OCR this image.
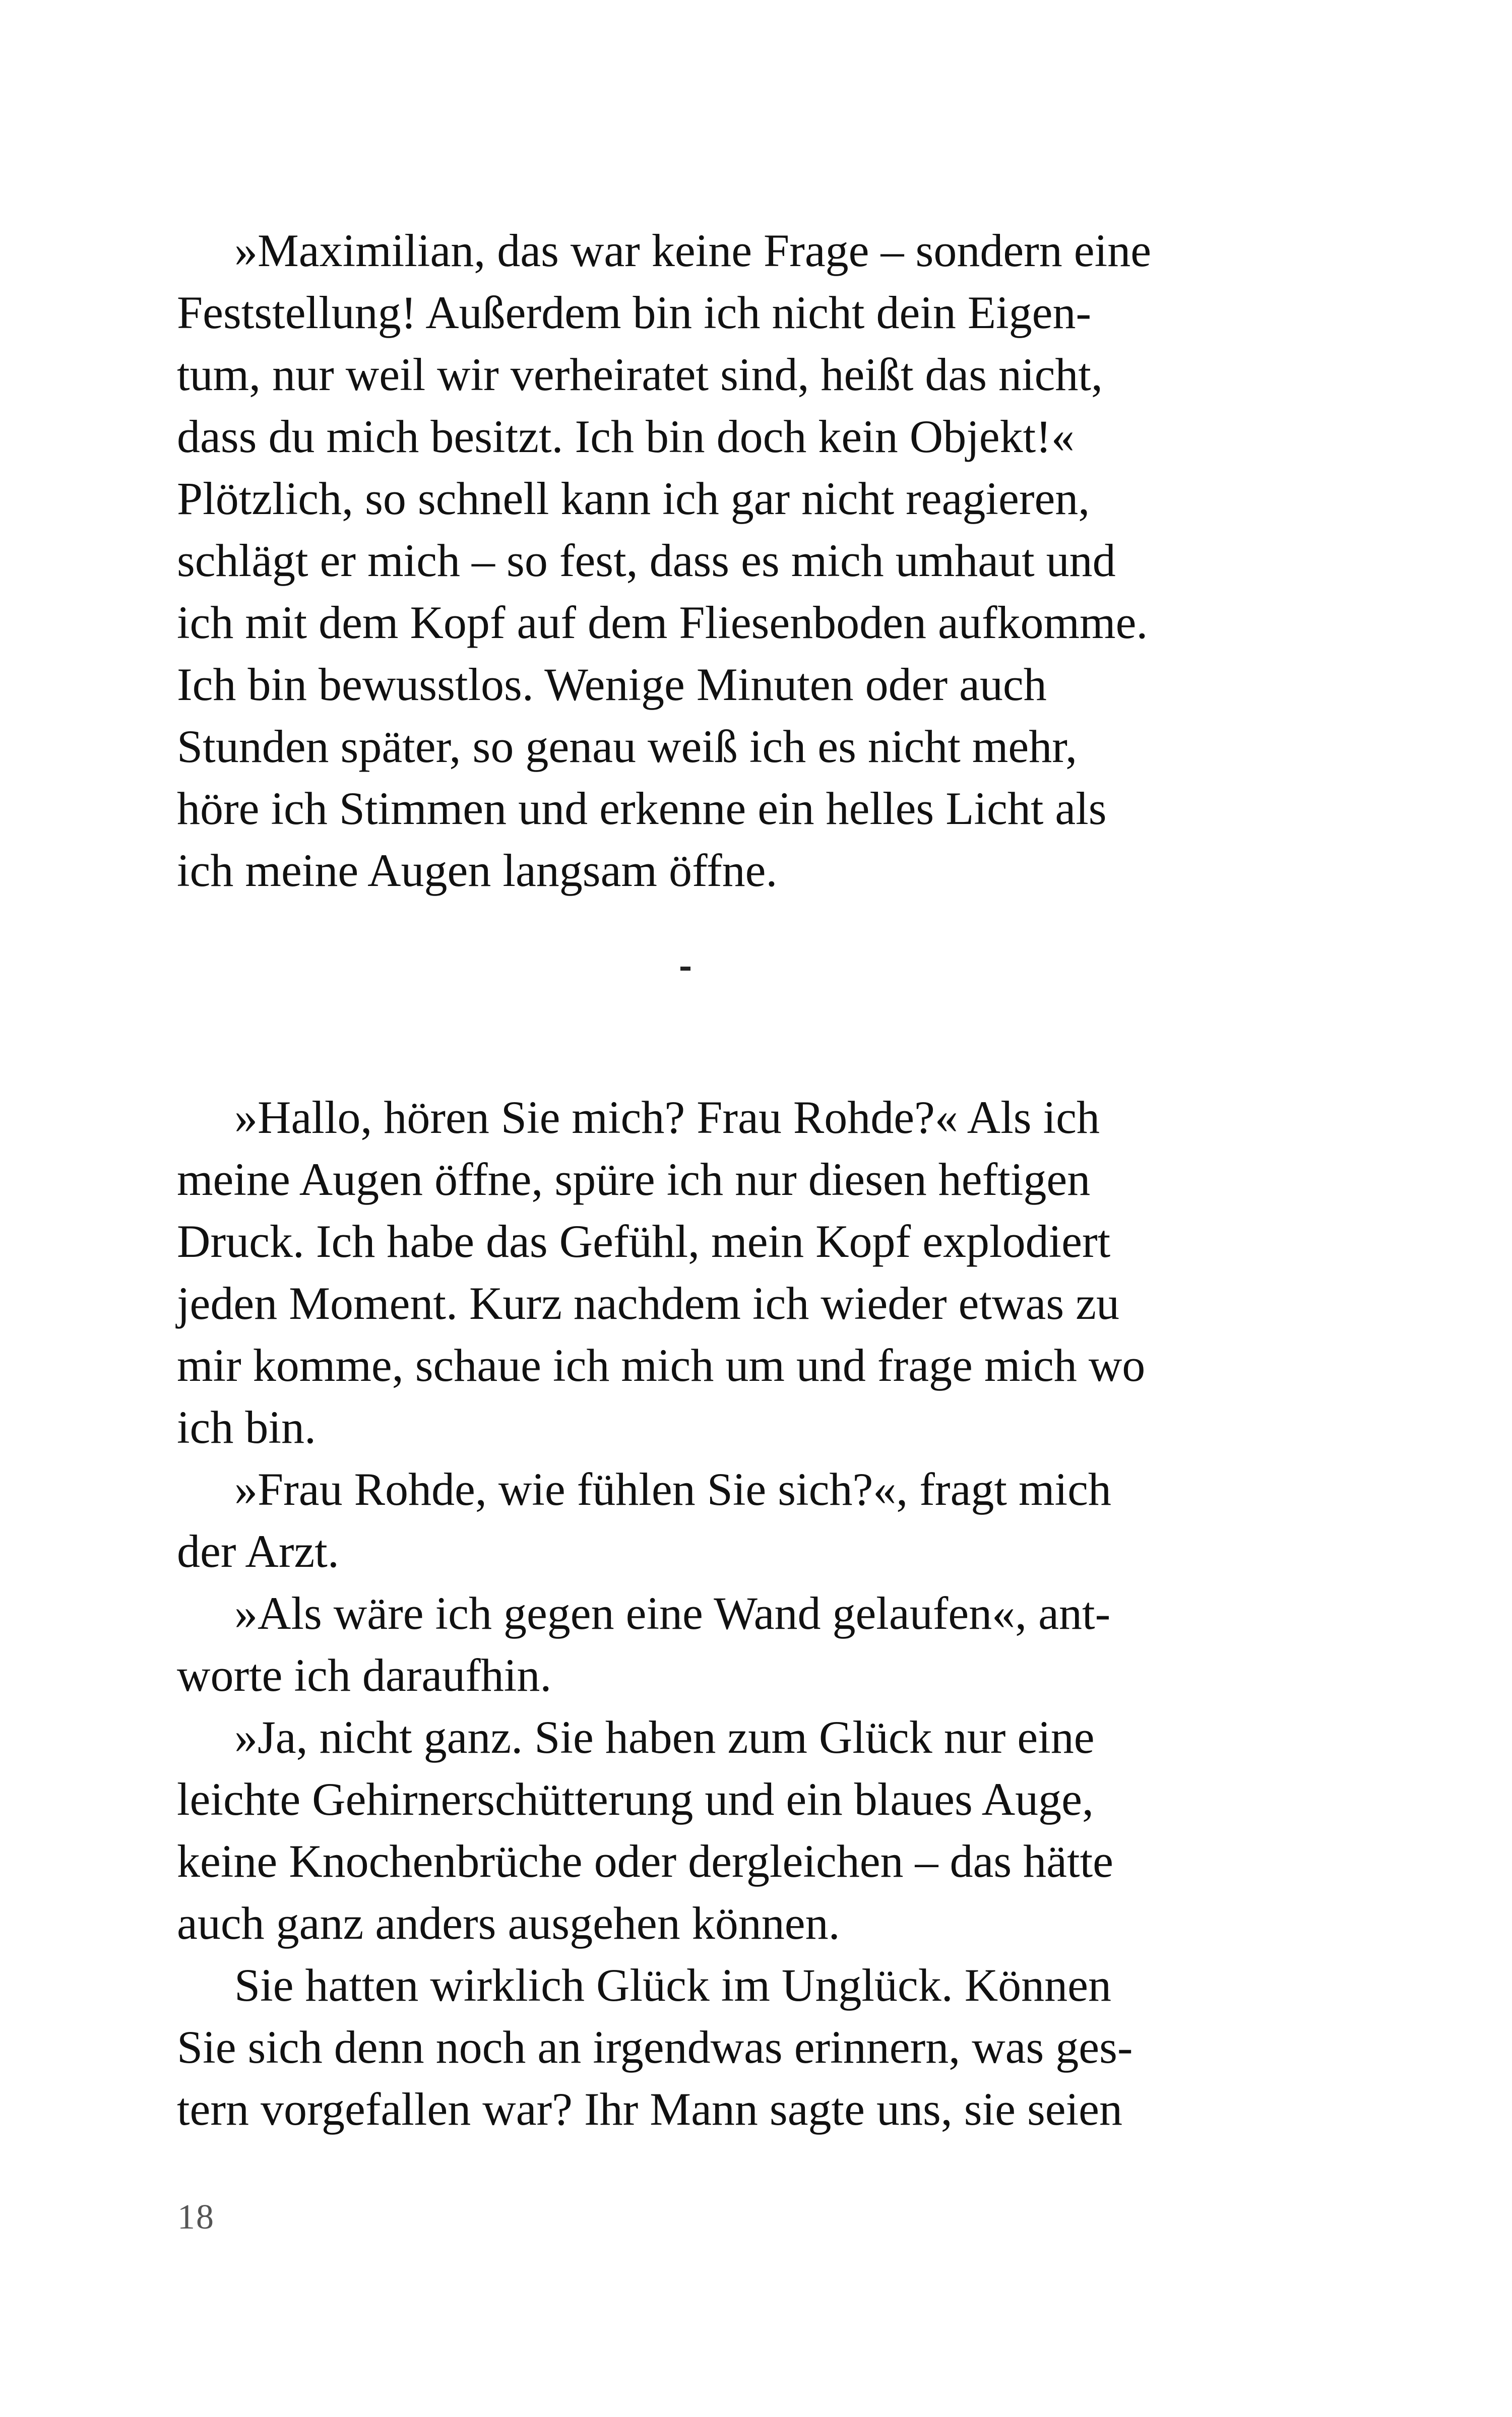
»Maximilian, das war keine Frage – sondern eine
Feststellung! Außerdem bin ich nicht dein Eigen-
tum, nur weil wir verheiratet sind, heißt das nicht,
dass du mich besitzt. Ich bin doch kein Objekt!«
Plötzlich, so schnell kann ich gar nicht reagieren,
schlägt er mich – so fest, dass es mich umhaut und
ich mit dem Kopf auf dem Fliesenboden aufkomme.
Ich bin bewusstlos. Wenige Minuten oder auch
Stunden später, so genau weiß ich es nicht mehr,
höre ich Stimmen und erkenne ein helles Licht als
ich meine Augen langsam öffne.
»Hallo, hören Sie mich? Frau Rohde?« Als ich
meine Augen öffne, spüre ich nur diesen heftigen
Druck. Ich habe das Gefühl, mein Kopf explodiert
jeden Moment. Kurz nachdem ich wieder etwas zu
mir komme, schaue ich mich um und frage mich wo
ich bin.
»Frau Rohde, wie fühlen Sie sich?«, fragt mich
der Arzt.
»Als wäre ich gegen eine Wand gelaufen«, ant-
worte ich daraufhin.
»Ja, nicht ganz. Sie haben zum Glück nur eine
leichte Gehirnerschütterung und ein blaues Auge,
keine Knochenbrüche oder dergleichen – das hätte
auch ganz anders ausgehen können.
Sie hatten wirklich Glück im Unglück. Können
Sie sich denn noch an irgendwas erinnern, was ges-
tern vorgefallen war? Ihr Mann sagte uns, sie seien
18
